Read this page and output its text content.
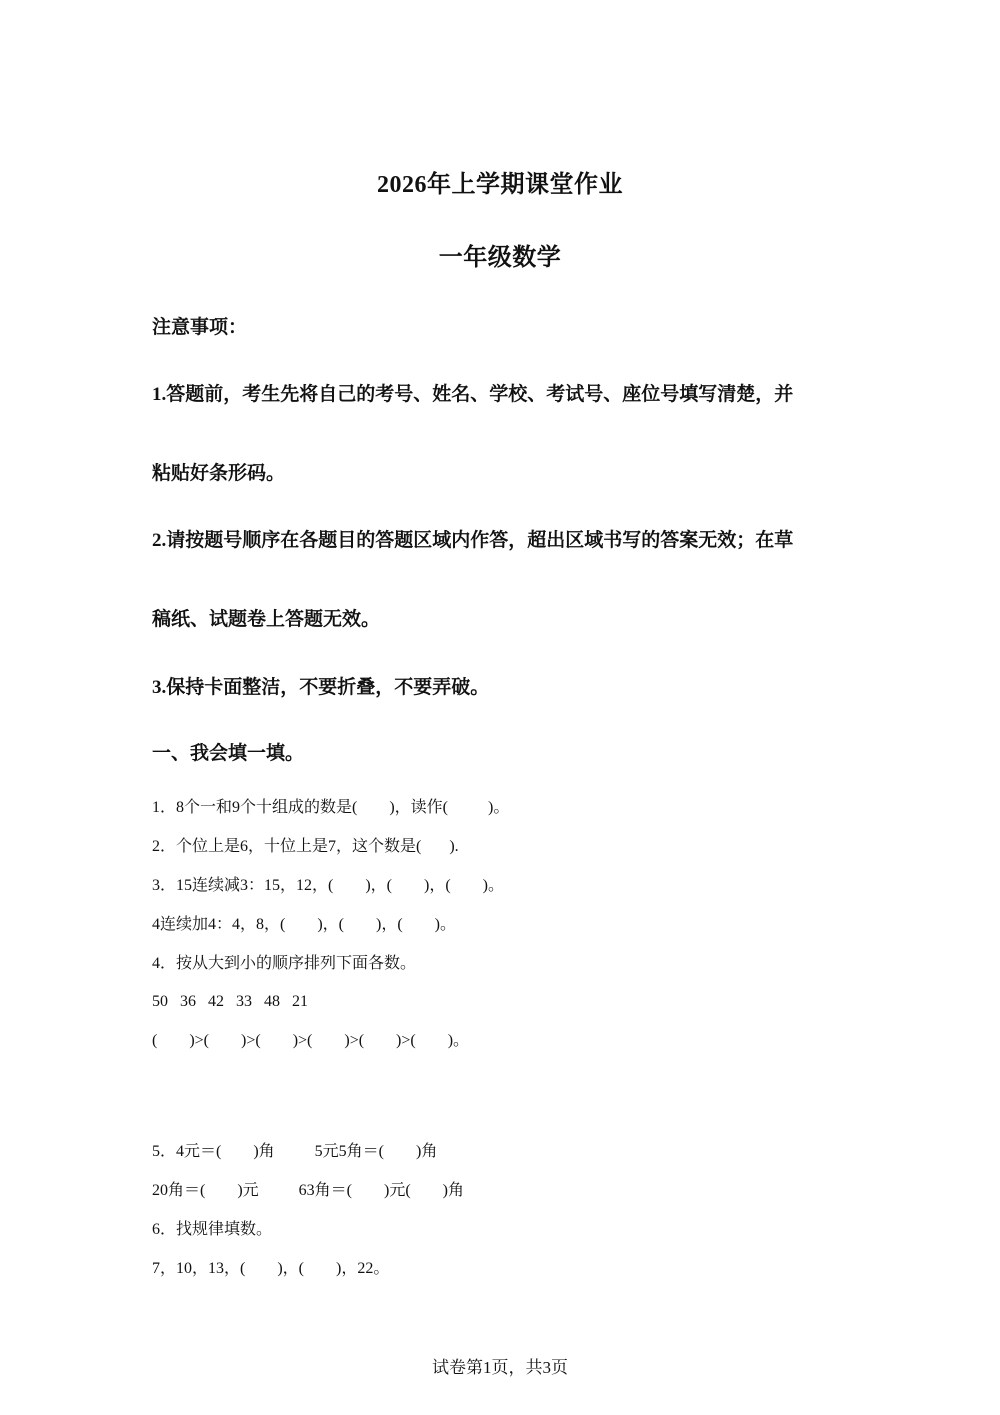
2026年上学期课堂作业
一年级数学
注意事项：
1.答题前，考生先将自己的考号、姓名、学校、考试号、座位号填写清楚，并
粘贴好条形码。
2.请按题号顺序在各题目的答题区域内作答，超出区域书写的答案无效；在草
稿纸、试题卷上答题无效。
3.保持卡面整洁，不要折叠，不要弄破。
一、我会填一填。
1．8个一和9个十组成的数是(        )，读作(          )。
2．个位上是6，十位上是7，这个数是(       ).
3．15连续减3：15，12，(        )，(        )，(        )。
4连续加4：4，8，(        )，(        )，(        )。
4．按从大到小的顺序排列下面各数。
50   36   42   33   48   21
(        )>(        )>(        )>(        )>(        )>(        )。
5．4元＝(        )角          5元5角＝(        )角
20角＝(        )元          63角＝(        )元(        )角
6．找规律填数。
7，10，13，(        )，(        )，22。
试卷第1页，共3页
